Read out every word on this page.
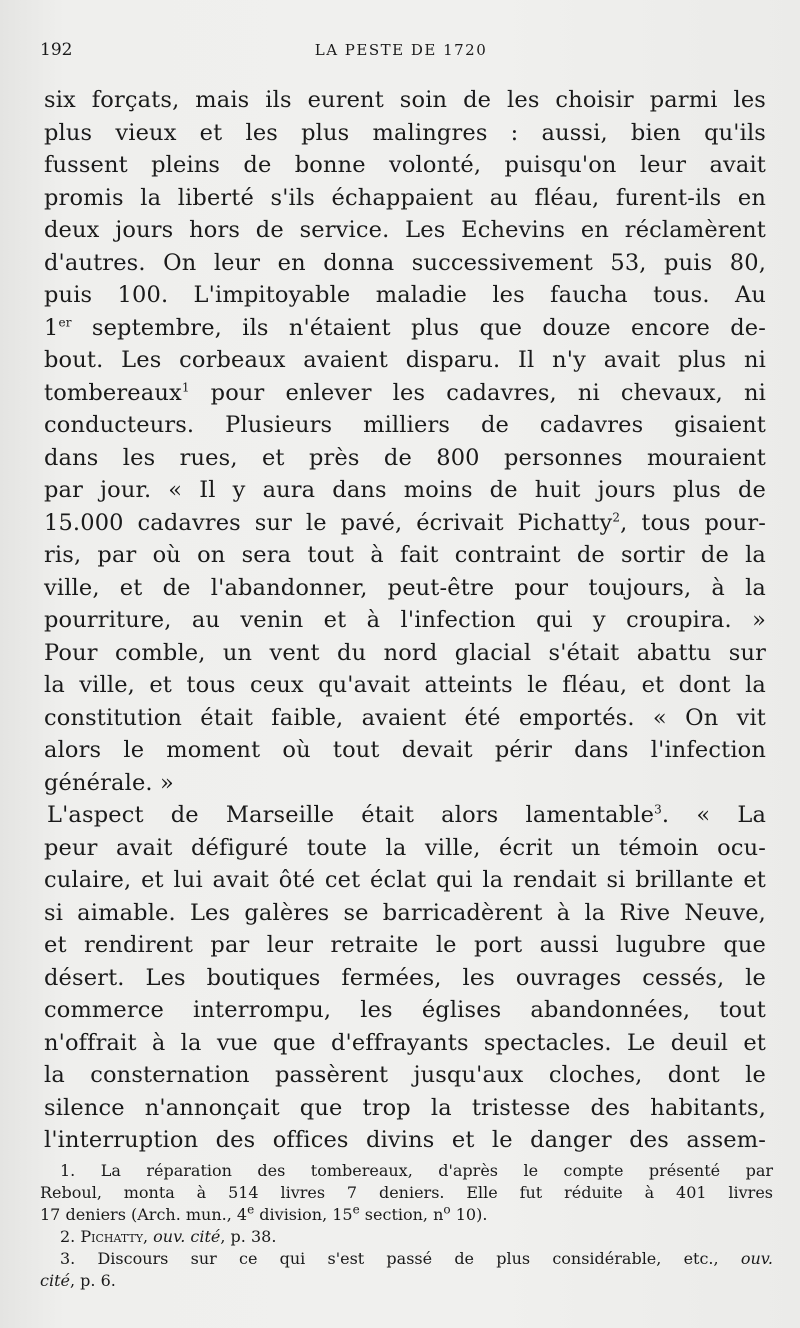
192	LA PESTE DE 1720
six forçats, mais ils eurent soin de les choisir parmi les
plus vieux et les plus malingres : aussi, bien qu'ils
fussent pleins de bonne volonté, puisqu'on leur avait
promis la liberté s'ils échappaient au fléau, furent-ils en
deux jours hors de service. Les Echevins en réclamèrent
d'autres. On leur en donna successivement 53, puis 80,
puis 100. L'impitoyable maladie les faucha tous. Au
1er septembre, ils n'étaient plus que douze encore de-
bout. Les corbeaux avaient disparu. Il n'y avait plus ni
tombereaux$^1$ pour enlever les cadavres, ni chevaux, ni
conducteurs. Plusieurs milliers de cadavres gisaient
dans les rues, et près de 800 personnes mouraient
par jour. « Il y aura dans moins de huit jours plus de
15.000 cadavres sur le pavé, écrivait Pichatty$^2$, tous pour-
ris, par où on sera tout à fait contraint de sortir de la
ville, et de l'abandonner, peut-être pour toujours, à la
pourriture, au venin et à l'infection qui y croupira. »
Pour comble, un vent du nord glacial s'était abattu sur
la ville, et tous ceux qu'avait atteints le fléau, et dont la
constitution était faible, avaient été emportés. « On vit
alors le moment où tout devait périr dans l'infection
générale. »
L'aspect de Marseille était alors lamentable$^3$. « La
peur avait défiguré toute la ville, écrit un témoin ocu-
culaire, et lui avait ôté cet éclat qui la rendait si brillante et
si aimable. Les galères se barricadèrent à la Rive Neuve,
et rendirent par leur retraite le port aussi lugubre que
désert. Les boutiques fermées, les ouvrages cessés, le
commerce interrompu, les églises abandonnées, tout
n'offrait à la vue que d'effrayants spectacles. Le deuil et
la consternation passèrent jusqu'aux cloches, dont le
silence n'annonçait que trop la tristesse des habitants,
l'interruption des offices divins et le danger des assem-
1. La réparation des tombereaux, d'après le compte présenté par
Reboul, monta à 514 livres 7 deniers. Elle fut réduite à 401 livres
17 deniers (Arch. mun., 4e division, 15e section, $n^o$ 10).
2. Pichatty, ouv. cité, p. 38.
3. Discours sur ce qui s'est passé de plus considérable, etc., ouv.
cité, p. 6.
